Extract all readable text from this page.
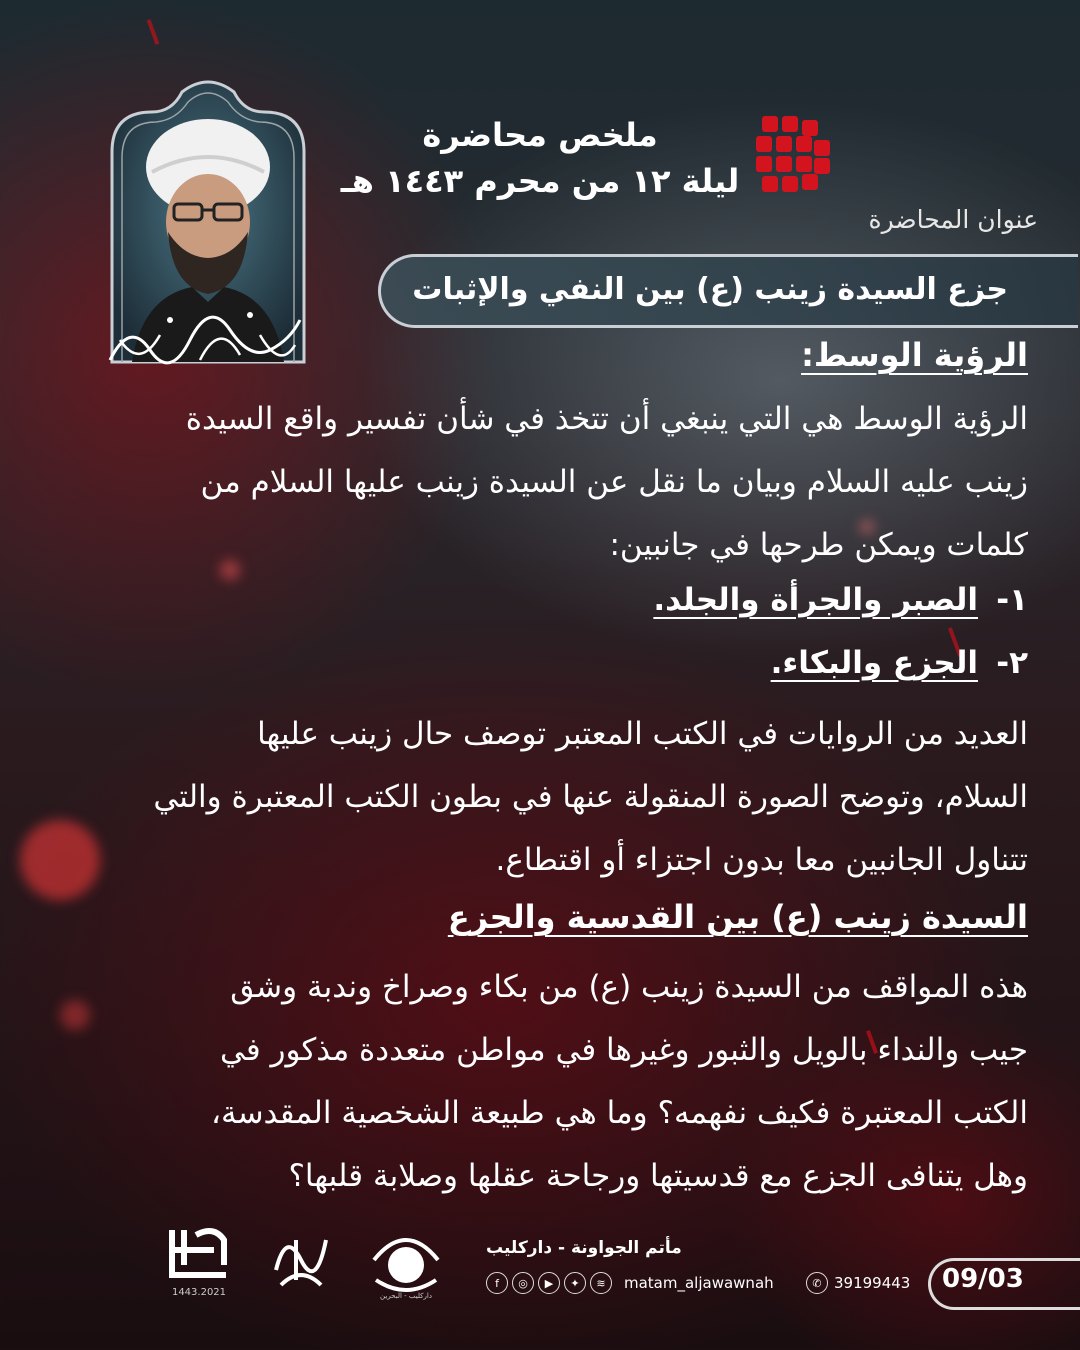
ملخص محاضرة
ليلة ١٢ من محرم ١٤٤٣ هـ
عنوان المحاضرة
جزع السيدة زينب (ع) بين النفي والإثبات
الرؤية الوسط:
الرؤية الوسط هي التي ينبغي أن تتخذ في شأن تفسير واقع السيدة
زينب عليه السلام وبيان ما نقل عن السيدة زينب عليها السلام من
كلمات ويمكن طرحها في جانبين:
١-الصبر والجرأة والجلد.
٢-الجزع والبكاء.
العديد من الروايات في الكتب المعتبر توصف حال زينب عليها
السلام، وتوضح الصورة المنقولة عنها في بطون الكتب المعتبرة والتي
تتناول الجانبين معا بدون اجتزاء أو اقتطاع.
السيدة زينب (ع) بين القدسية والجزع
هذه المواقف من السيدة زينب (ع) من بكاء وصراخ وندبة وشق
جيب والنداء بالويل والثبور وغيرها في مواطن متعددة مذكور في
الكتب المعتبرة فكيف نفهمه؟ وما هي طبيعة الشخصية المقدسة،
وهل يتنافى الجزع مع قدسيتها ورجاحة عقلها وصلابة قلبها؟
1443.2021	داركليب - البحرين
مأتم الجواونة - داركليب
f	◎	▶	✦	≋	matam_aljawawnah	✆ 39199443 09/03
